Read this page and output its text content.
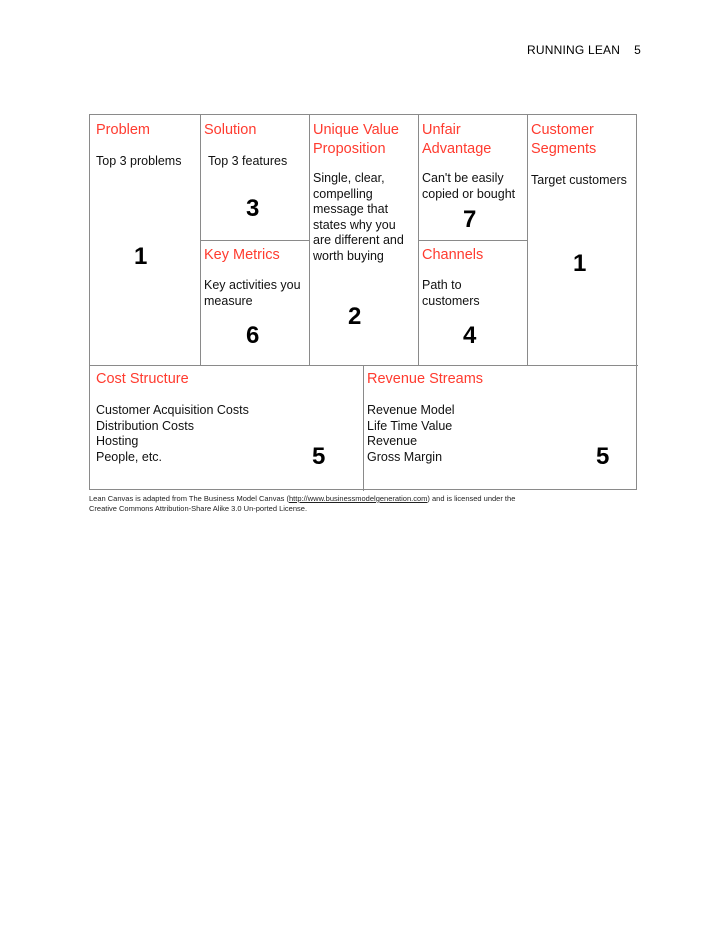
RUNNING LEAN 5
Problem
Top 3 problems
1
Solution
Top 3 features
3
Key Metrics
Key activities you measure
6
Unique Value Proposition
Single, clear, compelling message that states why you are different and worth buying
2
Unfair Advantage
Can't be easily copied or bought
7
Channels
Path to customers
4
Customer Segments
Target customers
1
Cost Structure
Customer Acquisition Costs
Distribution Costs
Hosting
People, etc.	5
Revenue Streams
Revenue Model
Life Time Value
Revenue
Gross Margin	5
Lean Canvas is adapted from The Business Model Canvas (http://www.businessmodelgeneration.com) and is licensed under the
Creative Commons Attribution-Share Alike 3.0 Un-ported License.
